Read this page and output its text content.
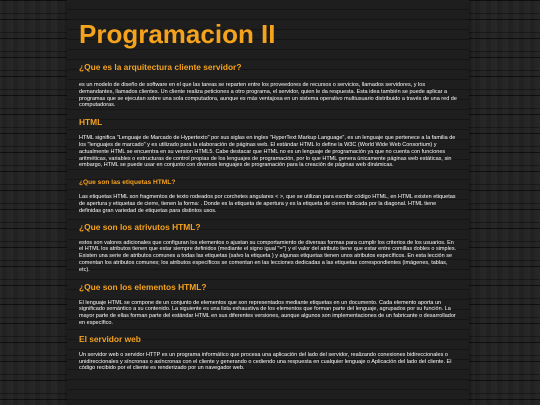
Programacion II
¿Que es la arquitectura cliente servidor?

es un modelo de diseño de software en el que las tareas se reparten entre los proveedores de recursos o servicios, llamados servidores, y los demandantes, llamados clientes. Un cliente realiza peticiones a otro programa, el servidor, quien le da respuesta. Esta idea también se puede aplicar a programas que se ejecutan sobre una sola computadora, aunque es más ventajosa en un sistema operativo multiusuario distribuido a través de una red de computadoras.

HTML

HTML significa "Lenguaje de Marcado de Hypertexto" por sus siglas en ingles "HyperText Markup Language", es un lenguaje que pertenece a la familia de los "lenguajes de marcado" y es utilizado para la elaboración de páginas web. El estándar HTML lo define la W3C (World Wide Web Consortium) y actualmente HTML se encuentra en su version HTML5. Cabe destacar que HTML no es un lenguaje de programación ya que no cuenta con funciones aritméticas, variables o estructuras de control propias de los lenguajes de programación, por lo que HTML genera únicamente páginas web estáticas, sin embargo, HTML se puede usar en conjunto con diversos lenguajes de programación para la creación de páginas web dinámicas.

¿Que son las etiquetas HTML?

Las etiquetas HTML son fragmentos de texto rodeados por corchetes angulares < >, que se utilizan para escribir código HTML, en HTML existen etiquetas de apertura y etiquetas de cierre, tienen la forma: . Donde es la etiqueta de apertura y es la etiqueta de cierre indicada por la diagonal. HTML tiene definidas gran variedad de etiquetas para distintos usos.

¿Que son los atrivutos HTML?

estos son valores adicionales que configuran los elementos o ajustan su comportamiento de diversas formas para cumplir los criterios de los usuarios. En el HTML los atributos tienen que estar siempre definidos (mediante el signo igual "=") y el valor del atributo tiene que estar entre comillas dobles o simples. Existen una serie de atributos comunes a todas las etiquetas (salvo la etiqueta ) y algunas etiquetas tienen unos atributos específicos. En esta lección se comentan los atributos comunes; los atributos específicos se comentan en las lecciones dedicadas a las etiquetas correspondientes (imágenes, tablas, etc).

¿Que son los elementos HTML?

El lenguaje HTML se compone de un conjunto de elementos que son representados mediante etiquetas en un documento. Cada elemento aporta un significado semántico a su contenido. La siguiente es una lista exhaustiva de los elementos que forman parte del lenguaje, agrupados por su función. La mayor parte de ellas forman parte del estándar HTML en sus diferentes versiones, aunque algunos son implementaciones de un fabricante o desarrollador en específico.

El servidor web

Un servidor web o servidor HTTP es un programa informático que procesa una aplicación del lado del servidor, realizando conexiones bidireccionales o unidireccionales y síncronas o asíncronas con el cliente y generando o cediendo una respuesta en cualquier lenguaje o Aplicación del lado del cliente. El código recibido por el cliente es renderizado por un navegador web.
